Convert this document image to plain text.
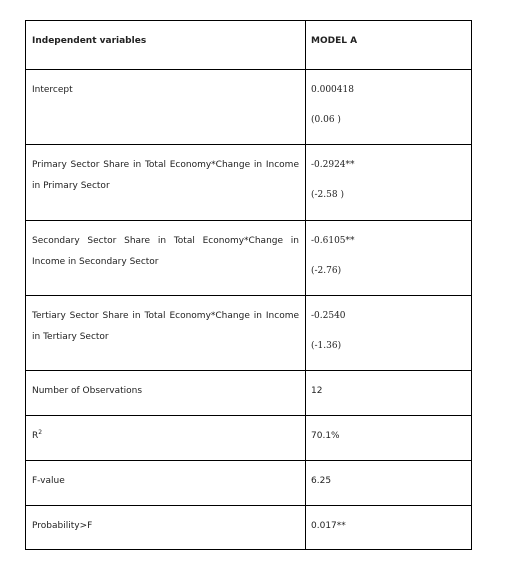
Independent variables	MODEL A

Intercept	0.000418
(0.06 )

Primary Sector Share in Total Economy*Change in Income in Primary Sector	-0.2924**
(-2.58 )

Secondary Sector Share in Total Economy*Change in Income in Secondary Sector	-0.6105**
(-2.76)

Tertiary Sector Share in Total Economy*Change in Income in Tertiary Sector	-0.2540
(-1.36)

Number of Observations	12

$R^2$	70.1%

F-value	6.25

Probability>F	0.017**
